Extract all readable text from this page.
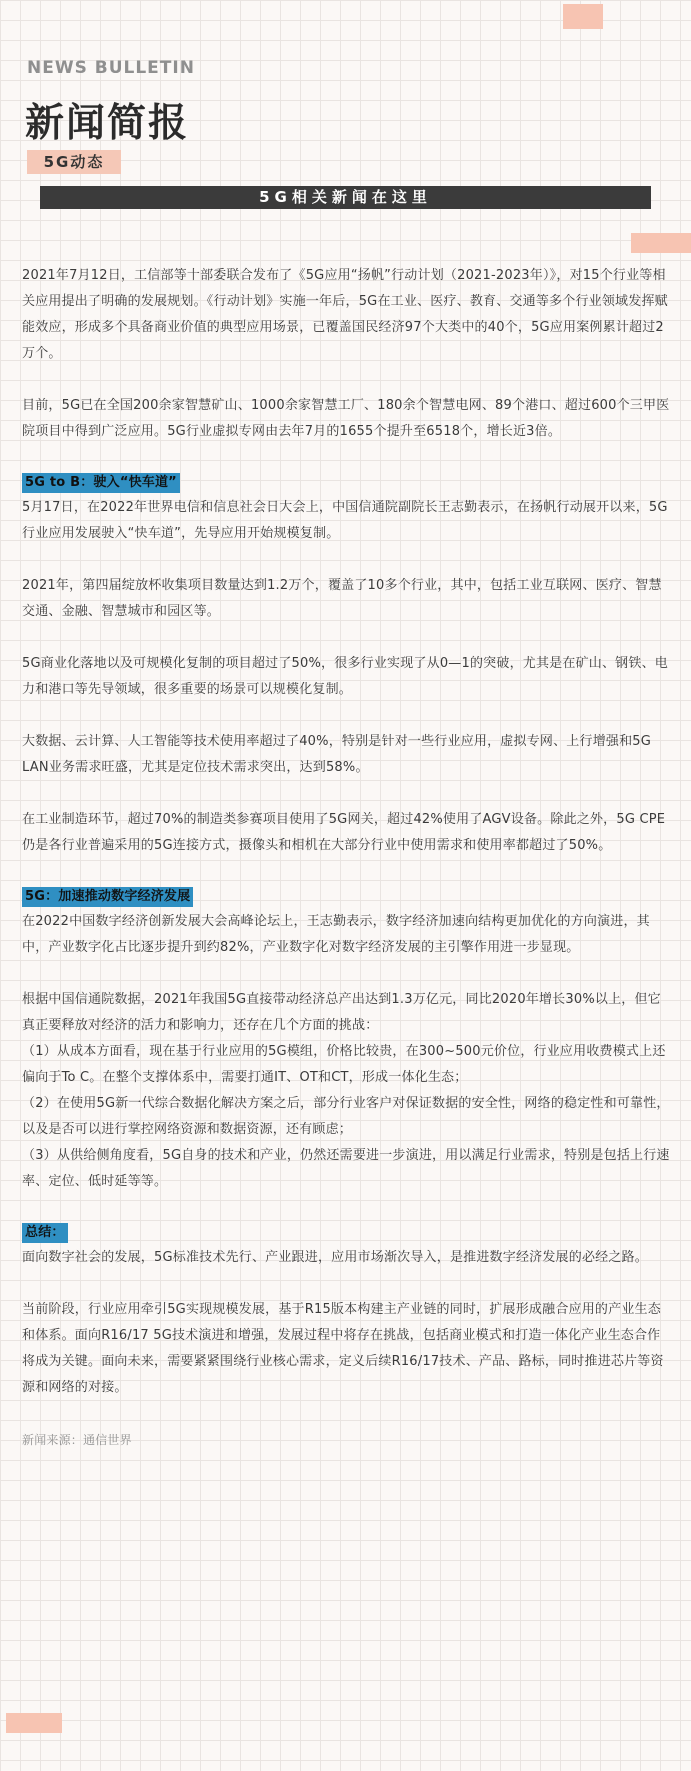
NEWS BULLETIN

新闻简报
5G动态
5G相关新闻在这里

2021年7月12日，工信部等十部委联合发布了《5G应用“扬帆”行动计划（2021-2023年）》，对15个行业等相关应用提出了明确的发展规划。《行动计划》实施一年后，5G在工业、医疗、教育、交通等多个行业领域发挥赋能效应，形成多个具备商业价值的典型应用场景，已覆盖国民经济97个大类中的40个，5G应用案例累计超过2万个。

目前，5G已在全国200余家智慧矿山、1000余家智慧工厂、180余个智慧电网、89个港口、超过600个三甲医院项目中得到广泛应用。5G行业虚拟专网由去年7月的1655个提升至6518个，增长近3倍。

5G to B：驶入“快车道”

5月17日，在2022年世界电信和信息社会日大会上，中国信通院副院长王志勤表示，在扬帆行动展开以来，5G行业应用发展驶入“快车道”，先导应用开始规模复制。

2021年，第四届绽放杯收集项目数量达到1.2万个，覆盖了10多个行业，其中，包括工业互联网、医疗、智慧交通、金融、智慧城市和园区等。

5G商业化落地以及可规模化复制的项目超过了50%，很多行业实现了从0—1的突破，尤其是在矿山、钢铁、电力和港口等先导领域，很多重要的场景可以规模化复制。

大数据、云计算、人工智能等技术使用率超过了40%，特别是针对一些行业应用，虚拟专网、上行增强和5G LAN业务需求旺盛，尤其是定位技术需求突出，达到58%。

在工业制造环节，超过70%的制造类参赛项目使用了5G网关，超过42%使用了AGV设备。除此之外，5G CPE仍是各行业普遍采用的5G连接方式，摄像头和相机在大部分行业中使用需求和使用率都超过了50%。

5G：加速推动数字经济发展

在2022中国数字经济创新发展大会高峰论坛上，王志勤表示，数字经济加速向结构更加优化的方向演进，其中，产业数字化占比逐步提升到约82%，产业数字化对数字经济发展的主引擎作用进一步显现。

根据中国信通院数据，2021年我国5G直接带动经济总产出达到1.3万亿元，同比2020年增长30%以上，但它真正要释放对经济的活力和影响力，还存在几个方面的挑战：

（1）从成本方面看，现在基于行业应用的5G模组，价格比较贵，在300~500元价位，行业应用收费模式上还偏向于To C。在整个支撑体系中，需要打通IT、OT和CT，形成一体化生态；

（2）在使用5G新一代综合数据化解决方案之后，部分行业客户对保证数据的安全性，网络的稳定性和可靠性，以及是否可以进行掌控网络资源和数据资源，还有顾虑；

（3）从供给侧角度看，5G自身的技术和产业，仍然还需要进一步演进，用以满足行业需求，特别是包括上行速率、定位、低时延等等。

总结：

面向数字社会的发展，5G标准技术先行、产业跟进，应用市场渐次导入，是推进数字经济发展的必经之路。

当前阶段，行业应用牵引5G实现规模发展，基于R15版本构建主产业链的同时，扩展形成融合应用的产业生态和体系。面向R16/17 5G技术演进和增强，发展过程中将存在挑战，包括商业模式和打造一体化产业生态合作将成为关键。面向未来，需要紧紧围绕行业核心需求，定义后续R16/17技术、产品、路标，同时推进芯片等资源和网络的对接。

新闻来源：通信世界
